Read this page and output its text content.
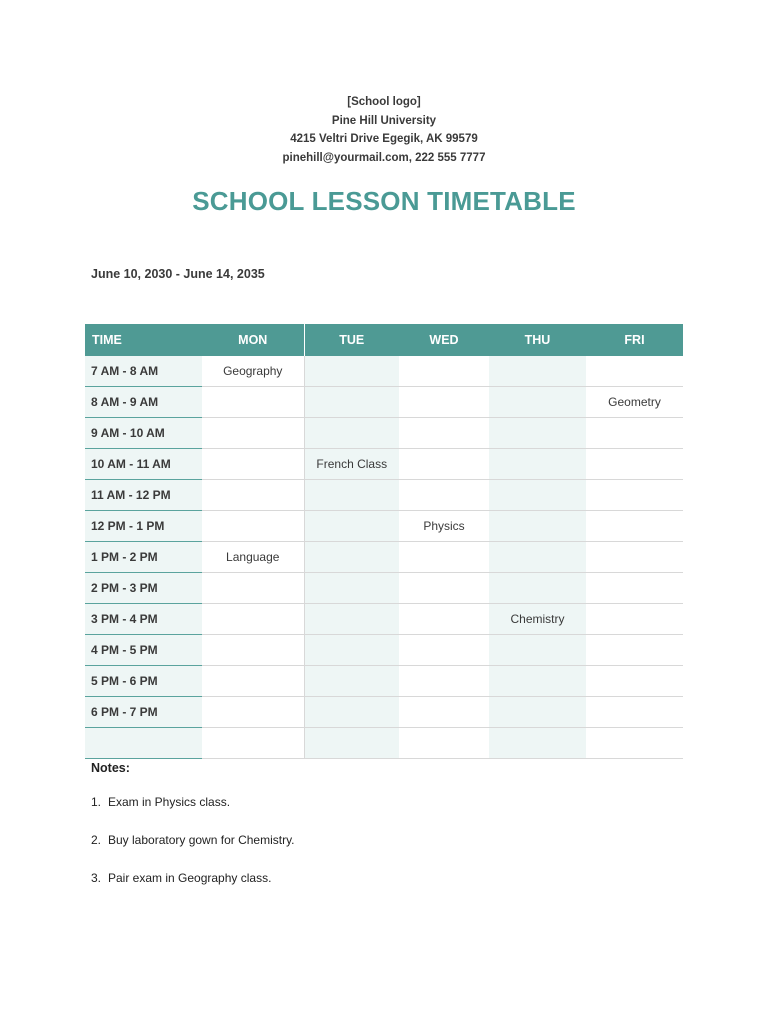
[School logo]
Pine Hill University
4215 Veltri Drive Egegik, AK 99579
pinehill@yourmail.com, 222 555 7777
SCHOOL LESSON TIMETABLE
June 10, 2030 - June 14, 2035
TIME	MON	TUE	WED	THU	FRI
7 AM - 8 AM	Geography				
8 AM - 9 AM					Geometry
9 AM - 10 AM					
10 AM - 11 AM		French Class			
11 AM - 12 PM					
12 PM - 1 PM			Physics		
1 PM - 2 PM	Language				
2 PM - 3 PM					
3 PM - 4 PM				Chemistry	
4 PM - 5 PM					
5 PM - 6 PM					
6 PM - 7 PM					

Notes:
1. Exam in Physics class.
2. Buy laboratory gown for Chemistry.
3. Pair exam in Geography class.
